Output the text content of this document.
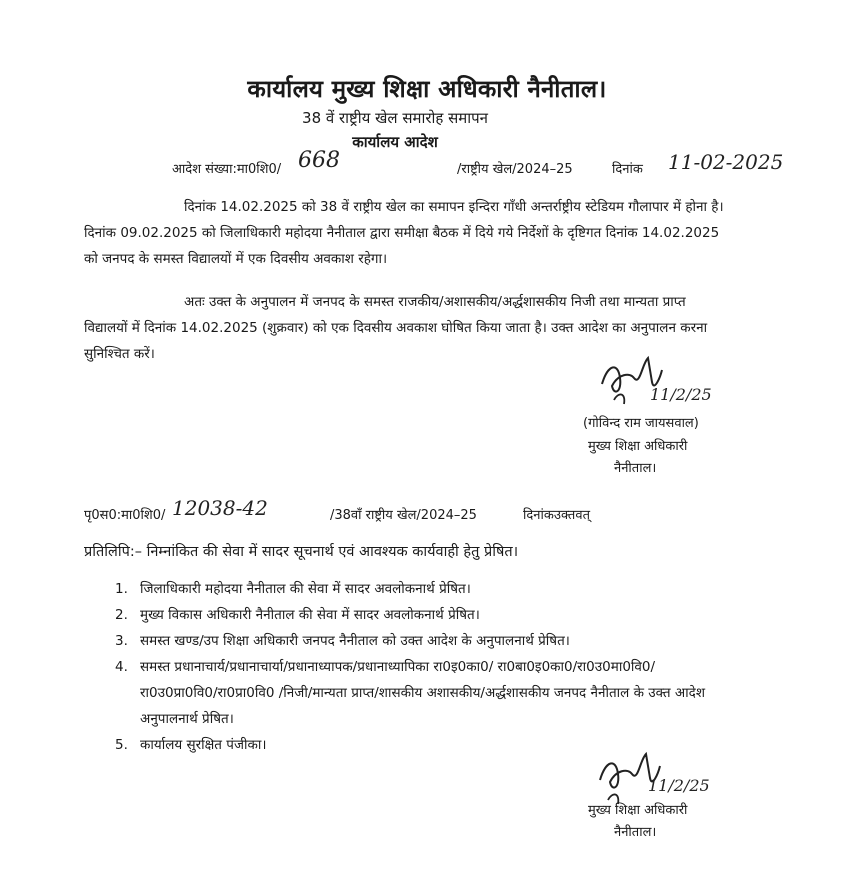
कार्यालय मुख्य शिक्षा अधिकारी नैनीताल।
38 वें राष्ट्रीय खेल समारोह समापन
कार्यालय आदेश
आदेश संख्या:मा0शि0/ 668	/राष्ट्रीय खेल/2024–25	दिनांक 11-02-2025
दिनांक 14.02.2025 को 38 वें राष्ट्रीय खेल का समापन इन्दिरा गाँधी अन्तर्राष्ट्रीय स्टेडियम गौलापार में होना है। दिनांक 09.02.2025 को जिलाधिकारी महोदया नैनीताल द्वारा समीक्षा बैठक में दिये गये निर्देशों के दृष्टिगत दिनांक 14.02.2025 को जनपद के समस्त विद्यालयों में एक दिवसीय अवकाश रहेगा।
अतः उक्त के अनुपालन में जनपद के समस्त राजकीय/अशासकीय/अर्द्धशासकीय निजी तथा मान्यता प्राप्त विद्यालयों में दिनांक 14.02.2025 (शुक्रवार) को एक दिवसीय अवकाश घोषित किया जाता है। उक्त आदेश का अनुपालन करना सुनिश्चित करें।
11/2/25
(गोविन्द राम जायसवाल)
मुख्य शिक्षा अधिकारी
नैनीताल।
पृ0स0:मा0शि0/ 12038-42	/38वाँ राष्ट्रीय खेल/2024–25	दिनांकउक्तवत्
प्रतिलिपि:– निम्नांकित की सेवा में सादर सूचनार्थ एवं आवश्यक कार्यवाही हेतु प्रेषित।
1. जिलाधिकारी महोदया नैनीताल की सेवा में सादर अवलोकनार्थ प्रेषित।
2. मुख्य विकास अधिकारी नैनीताल की सेवा में सादर अवलोकनार्थ प्रेषित।
3. समस्त खण्ड/उप शिक्षा अधिकारी जनपद नैनीताल को उक्त आदेश के अनुपालनार्थ प्रेषित।
4. समस्त प्रधानाचार्य/प्रधानाचार्या/प्रधानाध्यापक/प्रधानाध्यापिका रा0इ0का0/ रा0बा0इ0का0/रा0उ0मा0वि0/ रा0उ0प्रा0वि0/रा0प्रा0वि0 /निजी/मान्यता प्राप्त/शासकीय अशासकीय/अर्द्धशासकीय जनपद नैनीताल के उक्त आदेश अनुपालनार्थ प्रेषित।
5. कार्यालय सुरक्षित पंजीका।
11/2/25
मुख्य शिक्षा अधिकारी
नैनीताल।
